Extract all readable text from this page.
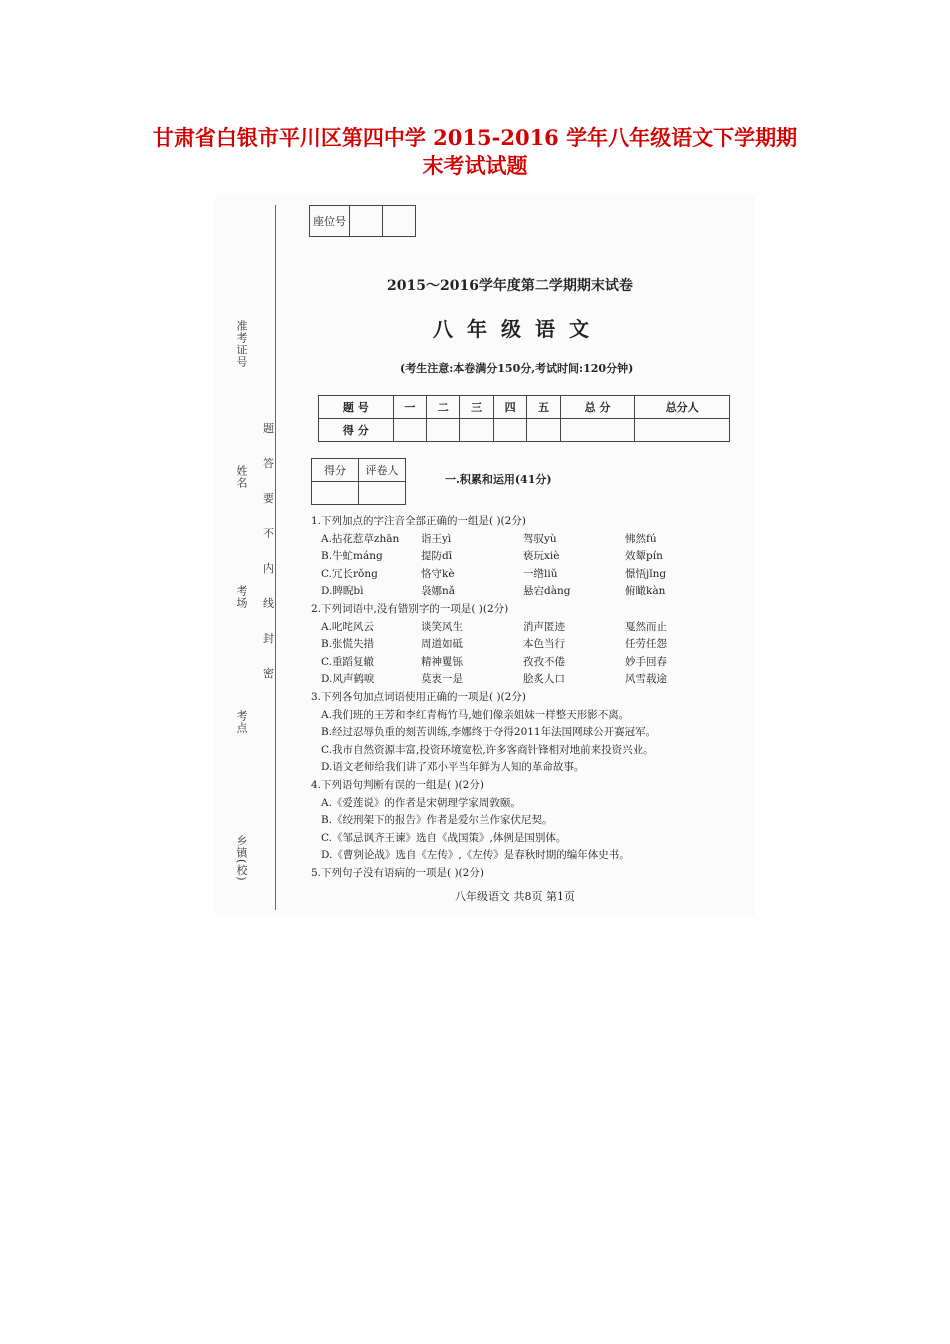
甘肃省白银市平川区第四中学 2015-2016 学年八年级语文下学期期
末考试试题
准考证号
姓名
考场
考点
乡镇(校)
题
答
要
不
内
线
封
密
座位号		
2015～2016学年度第二学期期末试卷
八年级语文
(考生注意:本卷满分150分,考试时间:120分钟)
题 号	一	二	三	四	五	总 分	总分人
得 分							
得分	评卷人

一.积累和运用(41分)
1.下列加点的字注音全部正确的一组是( )(2分)
A.拈花惹草zhān	诣王yì	驾驭yù	怫然fú
B.牛虻máng	提防dī	亵玩xiè	效颦pín
C.冗长rǒng	恪守kè	一绺liǔ	憬悟jǐng
D.睥睨bì	袅娜nǎ	悬宕dàng	俯瞰kàn
2.下列词语中,没有错别字的一项是( )(2分)
A.叱咤风云	谈笑风生	消声匿迹	戛然而止
B.张慌失措	周道如砥	本色当行	任劳任怨
C.重蹈复辙	精神矍铄	孜孜不倦	妙手回春
D.风声鹤唳	莫衷一是	脍炙人口	风雪载途
3.下列各句加点词语使用正确的一项是( )(2分)
A.我们班的王芳和李红青梅竹马,她们像亲姐妹一样整天形影不离。
B.经过忍辱负重的刻苦训练,李娜终于夺得2011年法国网球公开赛冠军。
C.我市自然资源丰富,投资环境宽松,许多客商针锋相对地前来投资兴业。
D.语文老师给我们讲了邓小平当年鲜为人知的革命故事。
4.下列语句判断有误的一组是( )(2分)
A.《爱莲说》的作者是宋朝理学家周敦颐。
B.《绞刑架下的报告》作者是爱尔兰作家伏尼契。
C.《邹忌讽齐王谏》选自《战国策》,体例是国别体。
D.《曹刿论战》选自《左传》,《左传》是春秋时期的编年体史书。
5.下列句子没有语病的一项是( )(2分)
八年级语文 共8页 第1页
